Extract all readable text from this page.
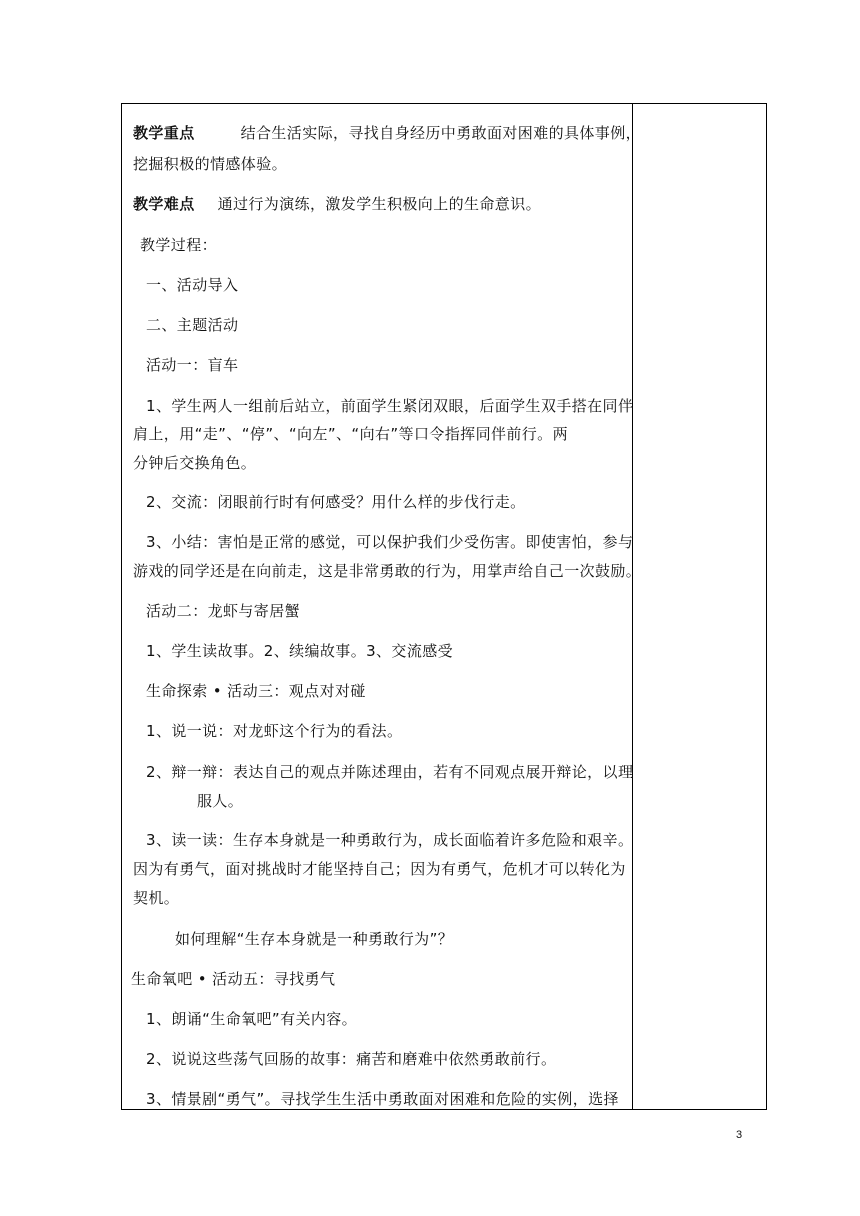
教学重点	结合生活实际，寻找自身经历中勇敢面对困难的具体事例，
挖掘积极的情感体验。
教学难点 通过行为演练，激发学生积极向上的生命意识。
教学过程：
一、活动导入
二、主题活动
活动一：盲车
1、学生两人一组前后站立，前面学生紧闭双眼，后面学生双手搭在同伴
肩上，用“走”、“停”、“向左”、“向右”等口令指挥同伴前行。两
分钟后交换角色。
2、交流：闭眼前行时有何感受？用什么样的步伐行走。
3、小结：害怕是正常的感觉，可以保护我们少受伤害。即使害怕，参与
游戏的同学还是在向前走，这是非常勇敢的行为，用掌声给自己一次鼓励。
活动二：龙虾与寄居蟹
1、学生读故事。2、续编故事。3、交流感受
生命探索 • 活动三：观点对对碰
1、说一说：对龙虾这个行为的看法。
2、辩一辩：表达自己的观点并陈述理由，若有不同观点展开辩论，以理
服人。
3、读一读：生存本身就是一种勇敢行为，成长面临着许多危险和艰辛。
因为有勇气，面对挑战时才能坚持自己；因为有勇气，危机才可以转化为
契机。
如何理解“生存本身就是一种勇敢行为”？
生命氧吧 • 活动五：寻找勇气
1、朗诵“生命氧吧”有关内容。
2、说说这些荡气回肠的故事：痛苦和磨难中依然勇敢前行。
3、情景剧“勇气”。寻找学生生活中勇敢面对困难和危险的实例，选择
3
